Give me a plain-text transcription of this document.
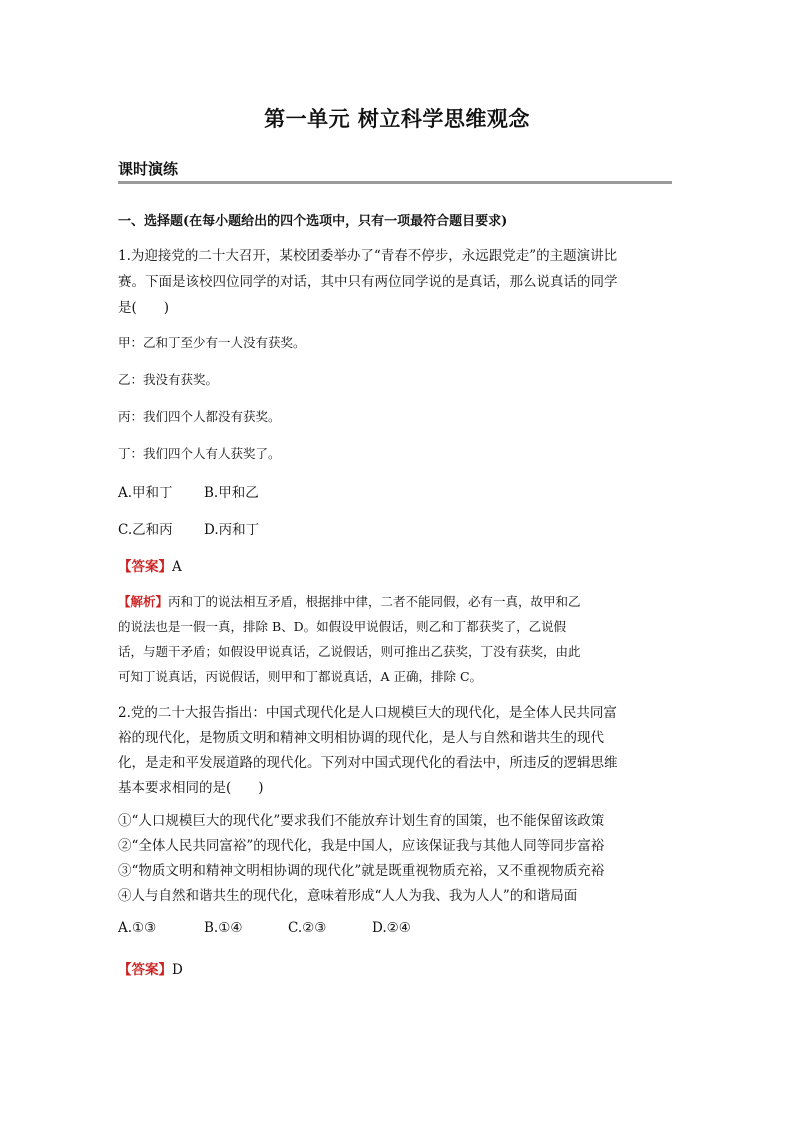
第一单元 树立科学思维观念
课时演练
一、选择题(在每小题给出的四个选项中，只有一项最符合题目要求)
1.为迎接党的二十大召开，某校团委举办了“青春不停步，永远跟党走”的主题演讲比
赛。下面是该校四位同学的对话，其中只有两位同学说的是真话，那么说真话的同学
是(　　)
甲：乙和丁至少有一人没有获奖。
乙：我没有获奖。
丙：我们四个人都没有获奖。
丁：我们四个人有人获奖了。
A.甲和丁 B.甲和乙
C.乙和丙 D.丙和丁
【答案】A
【解析】丙和丁的说法相互矛盾，根据排中律，二者不能同假，必有一真，故甲和乙
的说法也是一假一真，排除 B、D。如假设甲说假话，则乙和丁都获奖了，乙说假
话，与题干矛盾；如假设甲说真话，乙说假话，则可推出乙获奖，丁没有获奖，由此
可知丁说真话，丙说假话，则甲和丁都说真话，A 正确，排除 C。
2.党的二十大报告指出：中国式现代化是人口规模巨大的现代化，是全体人民共同富
裕的现代化，是物质文明和精神文明相协调的现代化，是人与自然和谐共生的现代
化，是走和平发展道路的现代化。下列对中国式现代化的看法中，所违反的逻辑思维
基本要求相同的是(　　)
①“人口规模巨大的现代化”要求我们不能放弃计划生育的国策，也不能保留该政策
②“全体人民共同富裕”的现代化，我是中国人，应该保证我与其他人同等同步富裕
③“物质文明和精神文明相协调的现代化”就是既重视物质充裕，又不重视物质充裕
④人与自然和谐共生的现代化，意味着形成“人人为我、我为人人”的和谐局面
A.①③	B.①④	C.②③	D.②④
【答案】D
